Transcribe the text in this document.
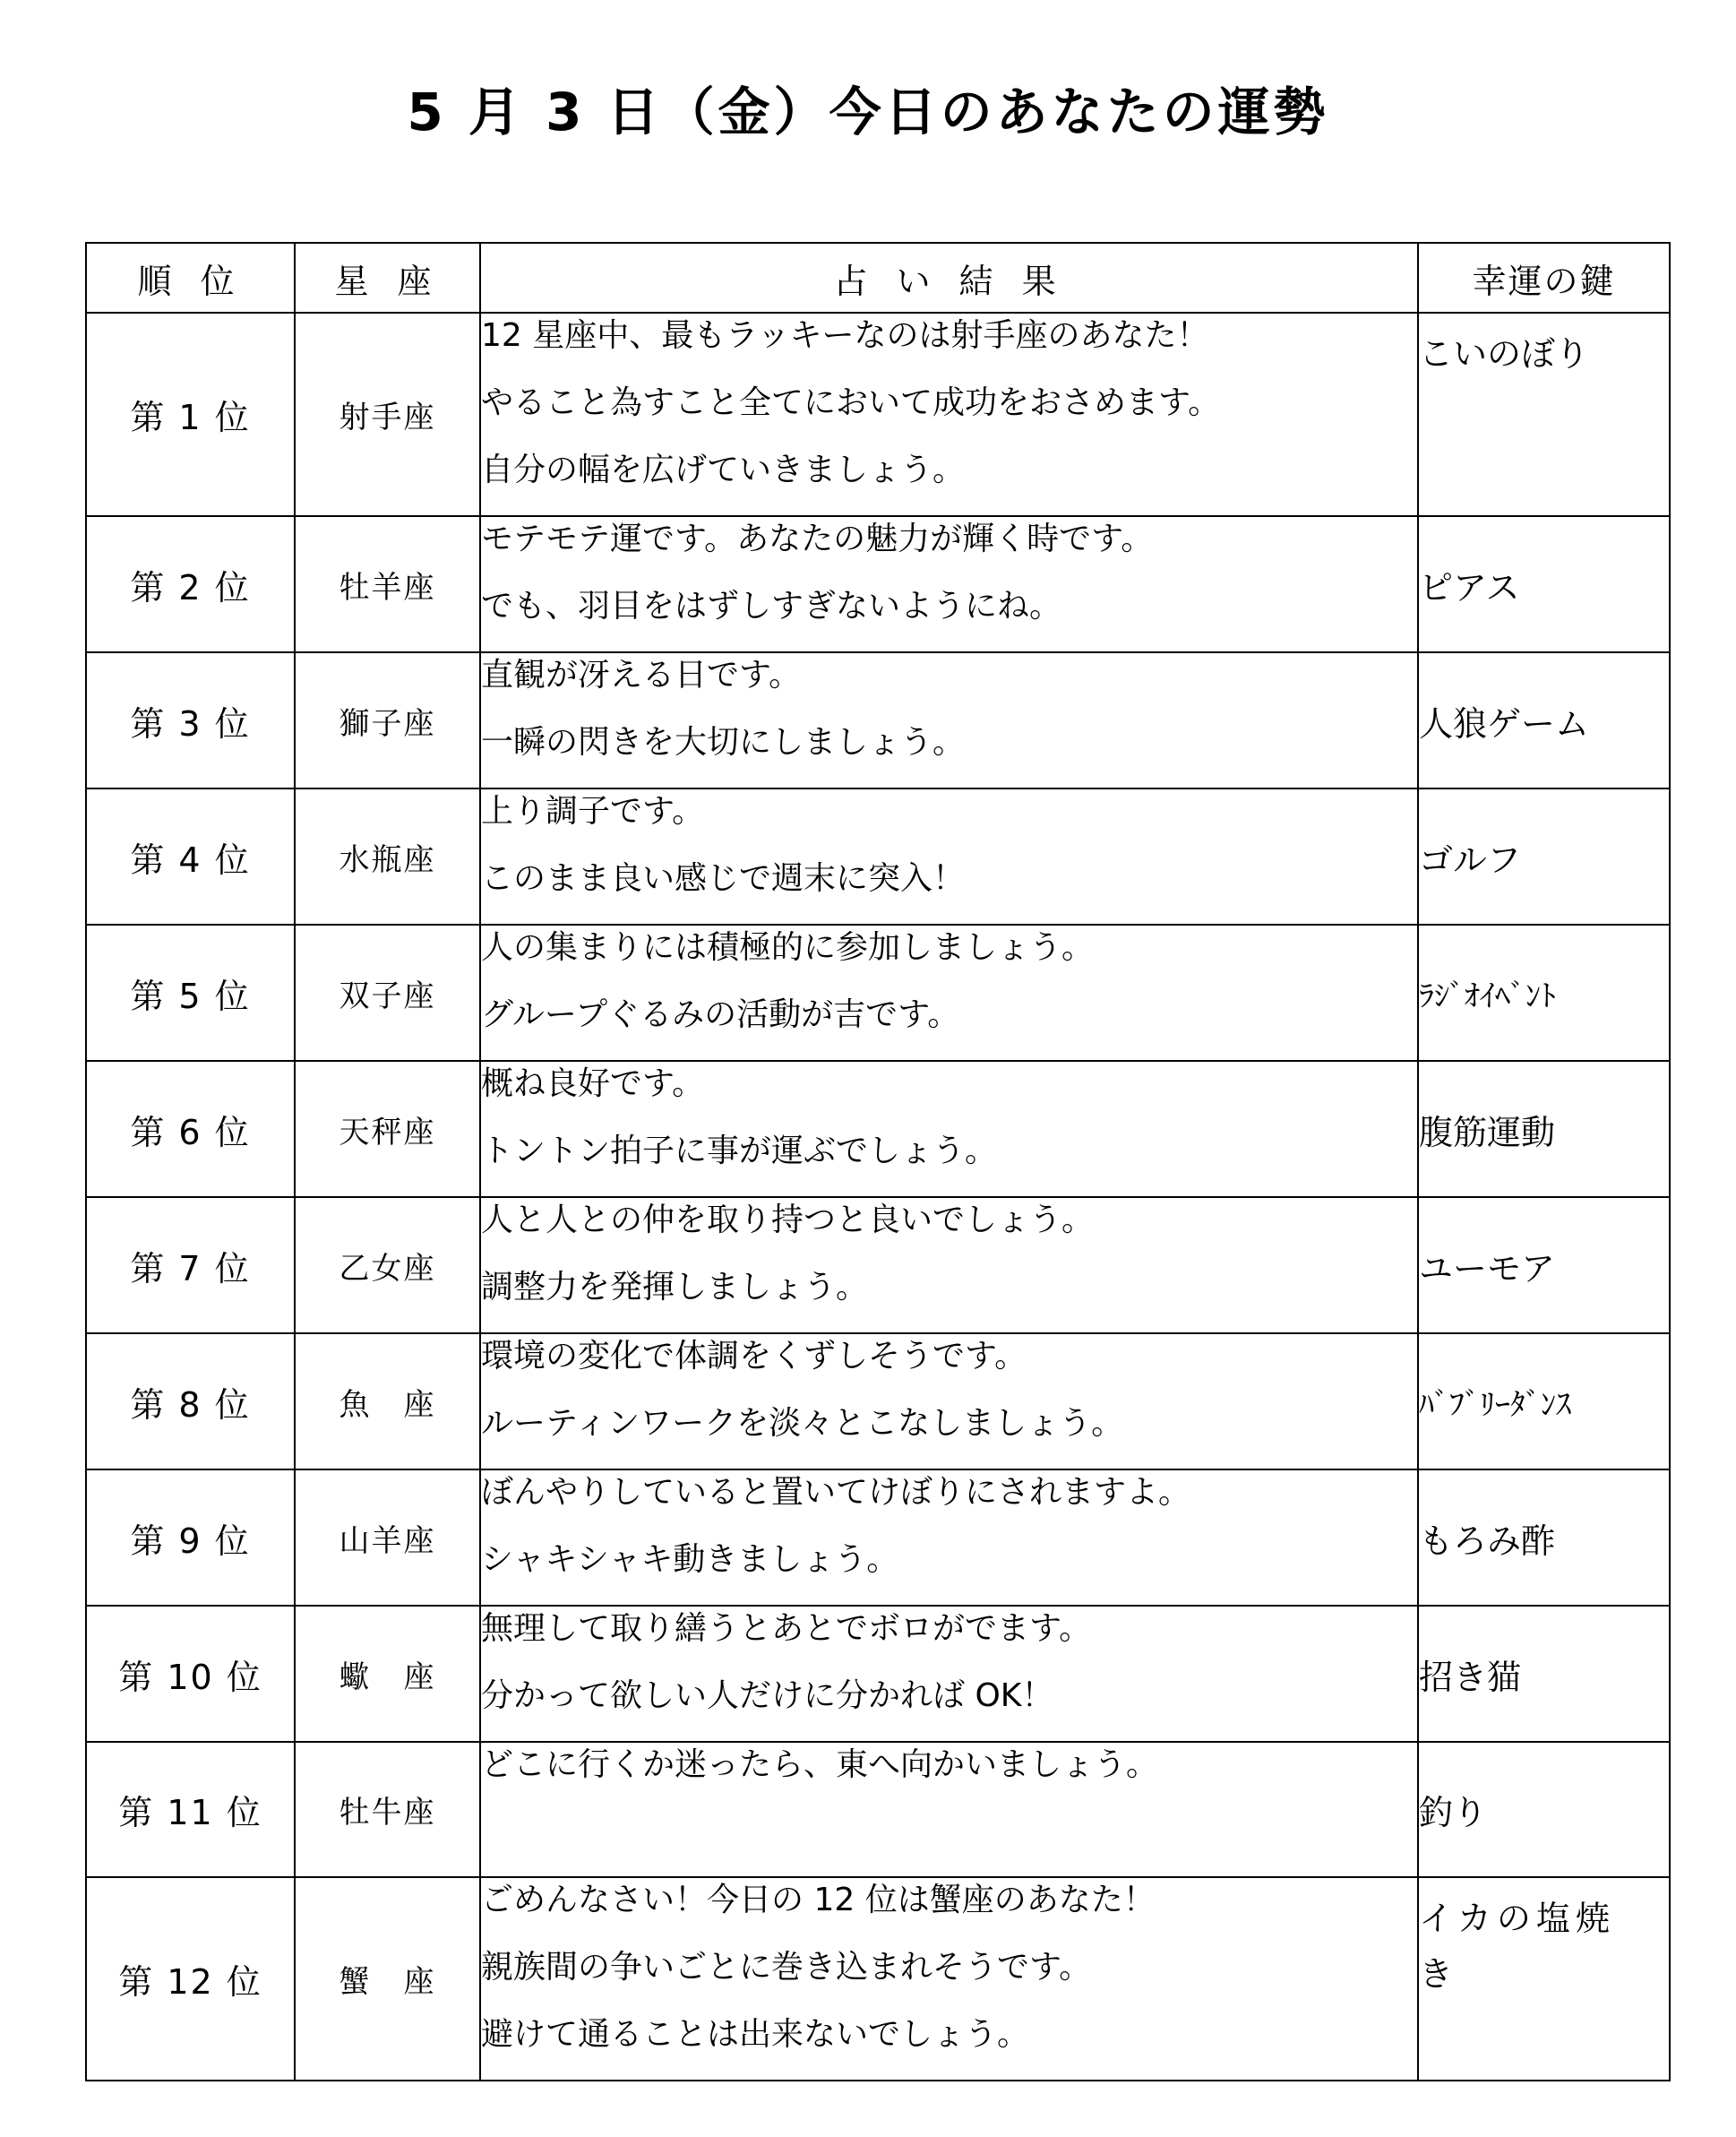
5 月 3 日（金）今日のあなたの運勢
順 位	星 座	占 い 結 果	幸運の鍵
第 1 位	射手座	12 星座中、最もラッキーなのは射手座のあなた！
やること為すこと全てにおいて成功をおさめます。
自分の幅を広げていきましょう。	こいのぼり
第 2 位	牡羊座	モテモテ運です。あなたの魅力が輝く時です。
でも、羽目をはずしすぎないようにね。	ピアス
第 3 位	獅子座	直観が冴える日です。
一瞬の閃きを大切にしましょう。	人狼ゲーム
第 4 位	水瓶座	上り調子です。
このまま良い感じで週末に突入！	ゴルフ
第 5 位	双子座	人の集まりには積極的に参加しましょう。
グループぐるみの活動が吉です。	ﾗｼﾞｵｲﾍﾞﾝﾄ
第 6 位	天秤座	概ね良好です。
トントン拍子に事が運ぶでしょう。	腹筋運動
第 7 位	乙女座	人と人との仲を取り持つと良いでしょう。
調整力を発揮しましょう。	ユーモア
第 8 位	魚　座	環境の変化で体調をくずしそうです。
ルーティンワークを淡々とこなしましょう。	ﾊﾞﾌﾞﾘｰﾀﾞﾝｽ
第 9 位	山羊座	ぼんやりしていると置いてけぼりにされますよ。
シャキシャキ動きましょう。	もろみ酢
第 10 位	蠍　座	無理して取り繕うとあとでボロがでます。
分かって欲しい人だけに分かれば OK！	招き猫
第 11 位	牡牛座	どこに行くか迷ったら、東へ向かいましょう。	釣り
第 12 位	蟹　座	ごめんなさい！今日の 12 位は蟹座のあなた！
親族間の争いごとに巻き込まれそうです。
避けて通ることは出来ないでしょう。	イカの塩焼き
